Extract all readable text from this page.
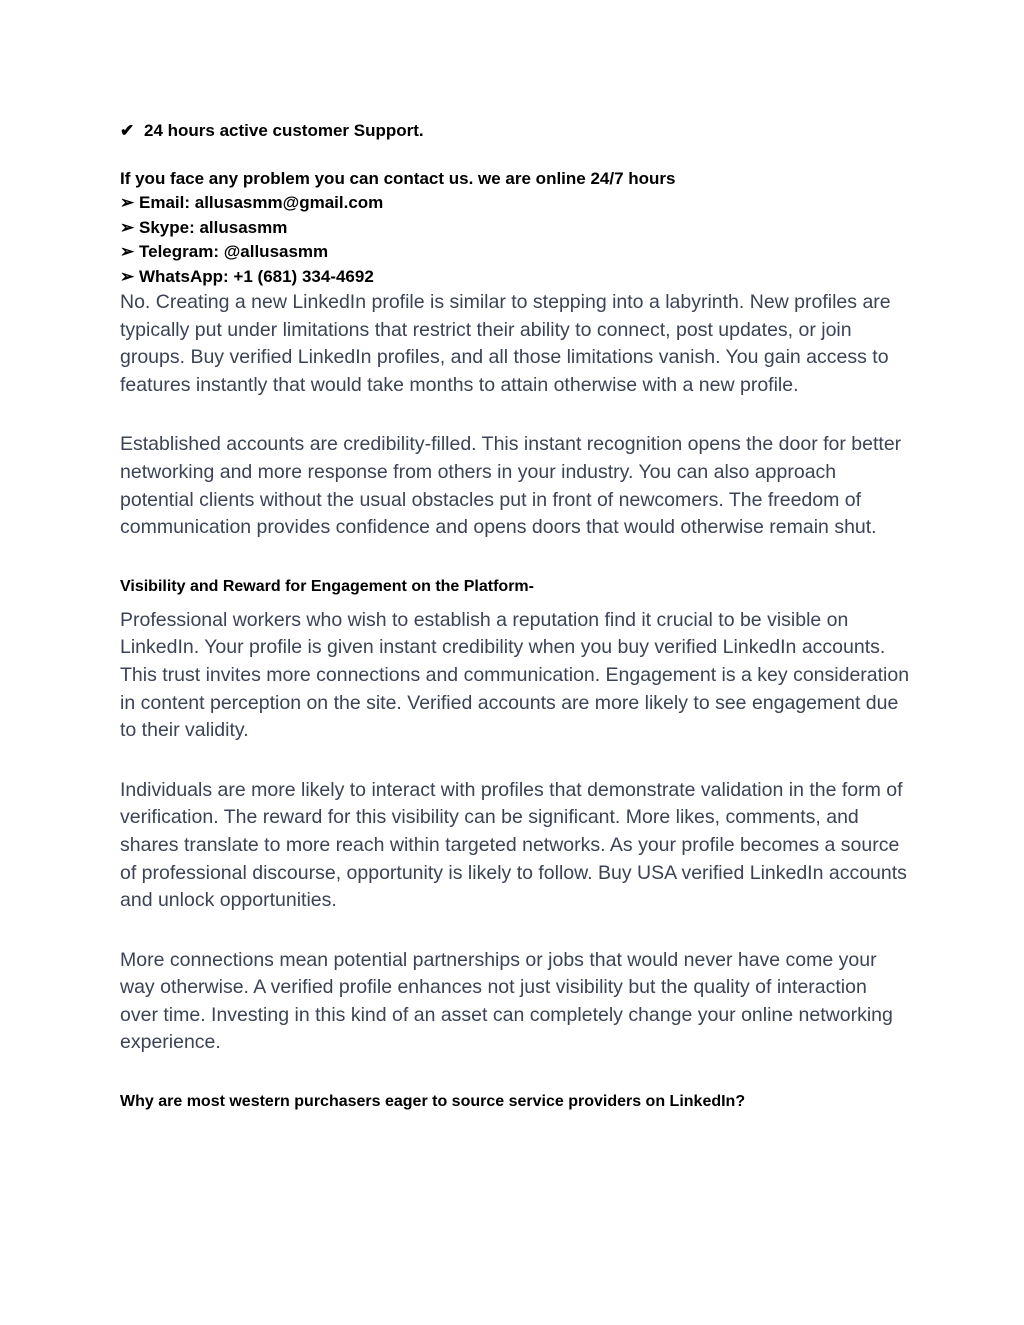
✔ 24 hours active customer Support.
If you face any problem you can contact us. we are online 24/7 hours
➢ Email: allusasmm@gmail.com
➢ Skype: allusasmm
➢ Telegram: @allusasmm
➢ WhatsApp: +1 (681) 334-4692

No. Creating a new LinkedIn profile is similar to stepping into a labyrinth. New profiles are typically put under limitations that restrict their ability to connect, post updates, or join groups. Buy verified LinkedIn profiles, and all those limitations vanish. You gain access to features instantly that would take months to attain otherwise with a new profile.

Established accounts are credibility-filled. This instant recognition opens the door for better networking and more response from others in your industry. You can also approach potential clients without the usual obstacles put in front of newcomers. The freedom of communication provides confidence and opens doors that would otherwise remain shut.

Visibility and Reward for Engagement on the Platform-

Professional workers who wish to establish a reputation find it crucial to be visible on LinkedIn. Your profile is given instant credibility when you buy verified LinkedIn accounts. This trust invites more connections and communication. Engagement is a key consideration in content perception on the site. Verified accounts are more likely to see engagement due to their validity.

Individuals are more likely to interact with profiles that demonstrate validation in the form of verification. The reward for this visibility can be significant. More likes, comments, and shares translate to more reach within targeted networks. As your profile becomes a source of professional discourse, opportunity is likely to follow. Buy USA verified LinkedIn accounts and unlock opportunities.

More connections mean potential partnerships or jobs that would never have come your way otherwise. A verified profile enhances not just visibility but the quality of interaction over time. Investing in this kind of an asset can completely change your online networking experience.

Why are most western purchasers eager to source service providers on LinkedIn?
